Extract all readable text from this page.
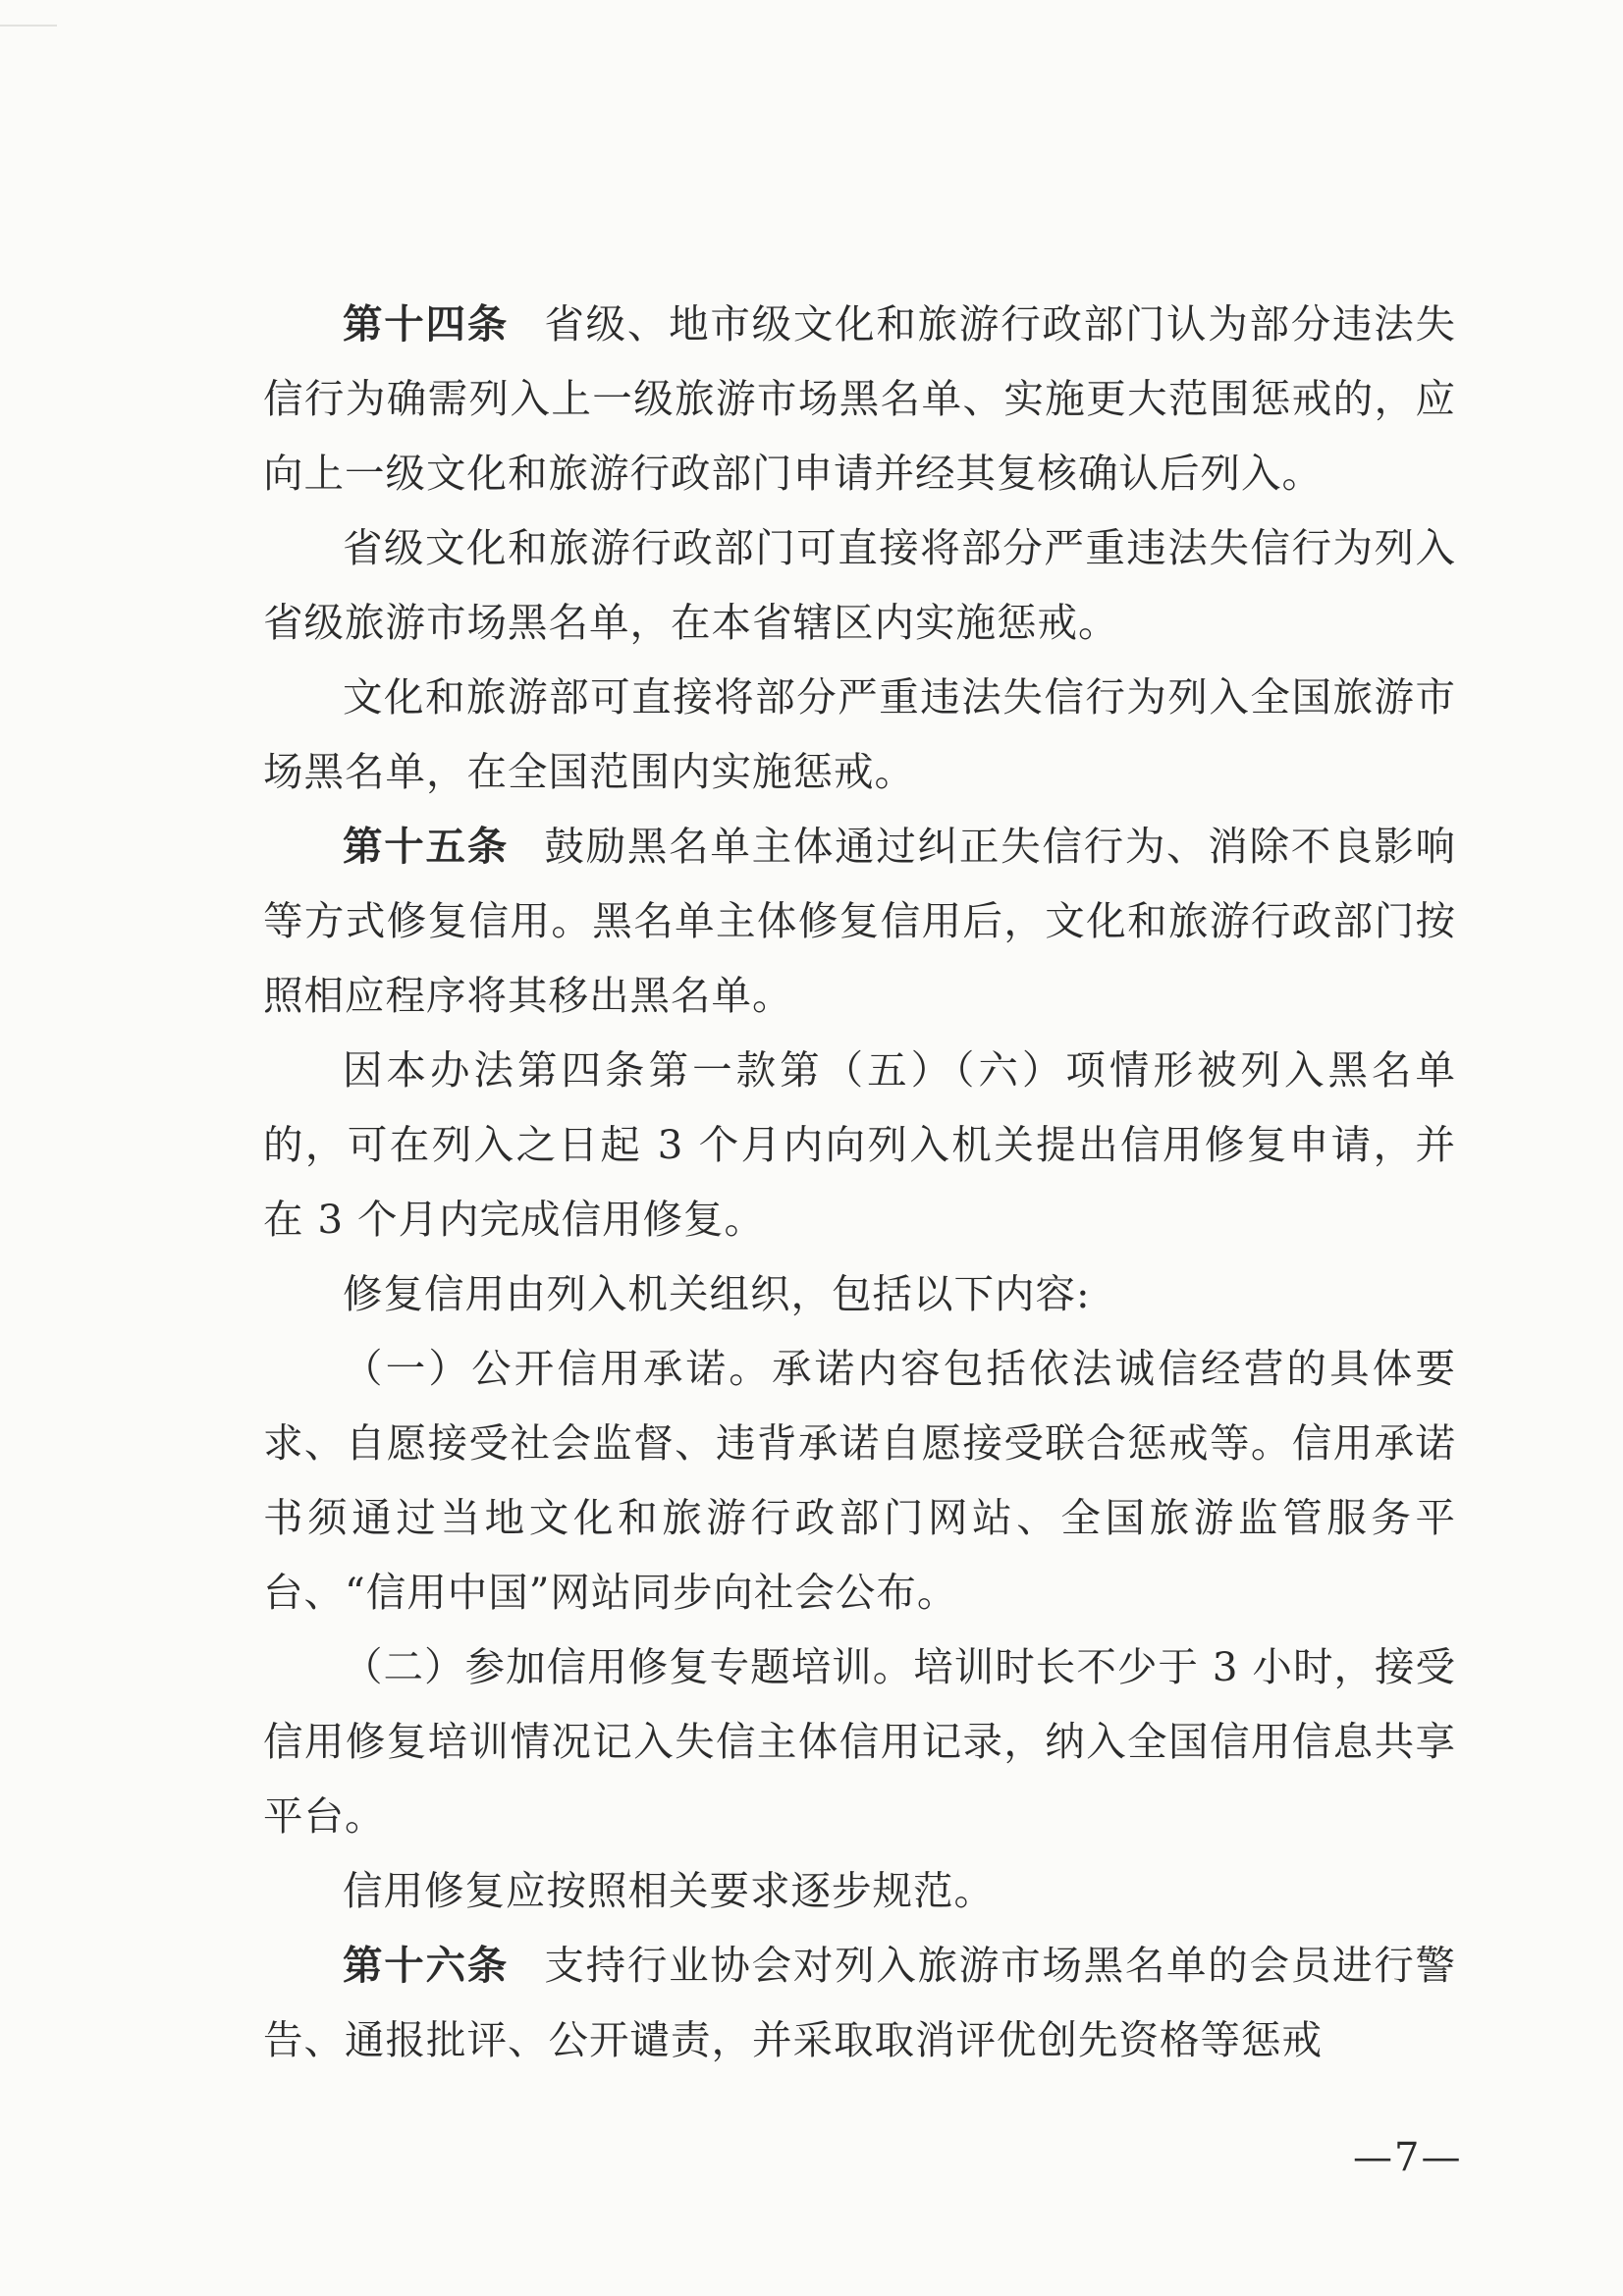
第十四条 省级、地市级文化和旅游行政部门认为部分违法失信行为确需列入上一级旅游市场黑名单、实施更大范围惩戒的，应向上一级文化和旅游行政部门申请并经其复核确认后列入。

省级文化和旅游行政部门可直接将部分严重违法失信行为列入省级旅游市场黑名单，在本省辖区内实施惩戒。

文化和旅游部可直接将部分严重违法失信行为列入全国旅游市场黑名单，在全国范围内实施惩戒。

第十五条 鼓励黑名单主体通过纠正失信行为、消除不良影响等方式修复信用。黑名单主体修复信用后，文化和旅游行政部门按照相应程序将其移出黑名单。

因本办法第四条第一款第（五）（六）项情形被列入黑名单的，可在列入之日起 3 个月内向列入机关提出信用修复申请，并在 3 个月内完成信用修复。

修复信用由列入机关组织，包括以下内容:

（一）公开信用承诺。承诺内容包括依法诚信经营的具体要求、自愿接受社会监督、违背承诺自愿接受联合惩戒等。信用承诺书须通过当地文化和旅游行政部门网站、全国旅游监管服务平台、“信用中国”网站同步向社会公布。

（二）参加信用修复专题培训。培训时长不少于 3 小时，接受信用修复培训情况记入失信主体信用记录，纳入全国信用信息共享平台。

信用修复应按照相关要求逐步规范。

第十六条 支持行业协会对列入旅游市场黑名单的会员进行警告、通报批评、公开谴责，并采取取消评优创先资格等惩戒

—7—
